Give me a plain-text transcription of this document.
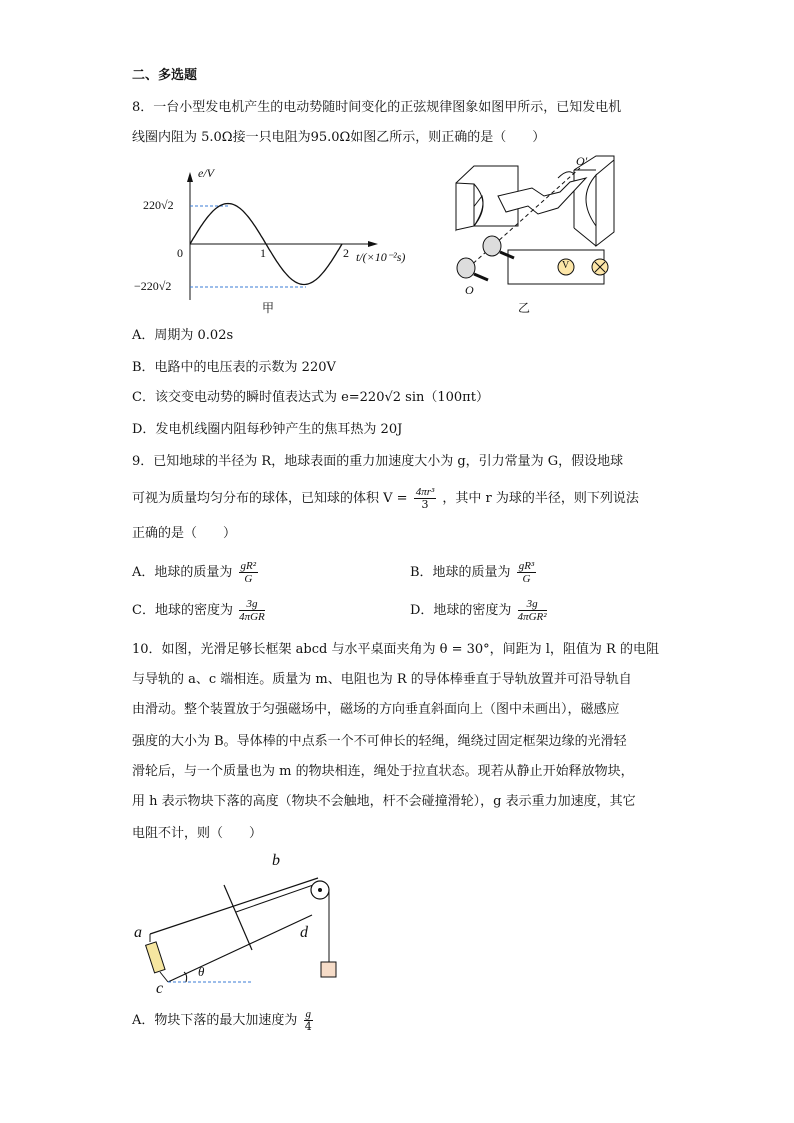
二、多选题
8．一台小型发电机产生的电动势随时间变化的正弦规律图象如图甲所示，已知发电机
线圈内阻为 5.0Ω接一只电阻为95.0Ω如图乙所示，则正确的是（　　）
e/V
220√2
0	1	2 t/(×10⁻²s)
−220√2
甲
O′
O
V
乙
A．周期为 0.02s
B．电路中的电压表的示数为 220V
C．该交变电动势的瞬时值表达式为 e=220√2 sin（100πt）
D．发电机线圈内阻每秒钟产生的焦耳热为 20J
9．已知地球的半径为 R，地球表面的重力加速度大小为 g，引力常量为 G，假设地球
可视为质量均匀分布的球体，已知球的体积 $V = \frac{\text{4πr³}}{3}$ ，其中 r 为球的半径，则下列说法
正确的是（　　）
A．地球的质量为 $\frac{\text{gR²}}{G}$	B．地球的质量为 $\frac{\text{gR³}}{G}$
C．地球的密度为 $\frac{3g}{\text{4πGR}}$	D．地球的密度为 $\frac{3g}{\text{4πGR²}}$
10．如图，光滑足够长框架 abcd 与水平桌面夹角为 θ = 30°，间距为 l，阻值为 R 的电阻
与导轨的 a、c 端相连。质量为 m、电阻也为 R 的导体棒垂直于导轨放置并可沿导轨自
由滑动。整个装置放于匀强磁场中，磁场的方向垂直斜面向上（图中未画出），磁感应
强度的大小为 B。导体棒的中点系一个不可伸长的轻绳，绳绕过固定框架边缘的光滑轻
滑轮后，与一个质量也为 m 的物块相连，绳处于拉直状态。现若从静止开始释放物块，
用 h 表示物块下落的高度（物块不会触地，杆不会碰撞滑轮），g 表示重力加速度，其它
电阻不计，则（　　）
a
b
c
d
θ
A．物块下落的最大加速度为 $\frac{g}{4}$
